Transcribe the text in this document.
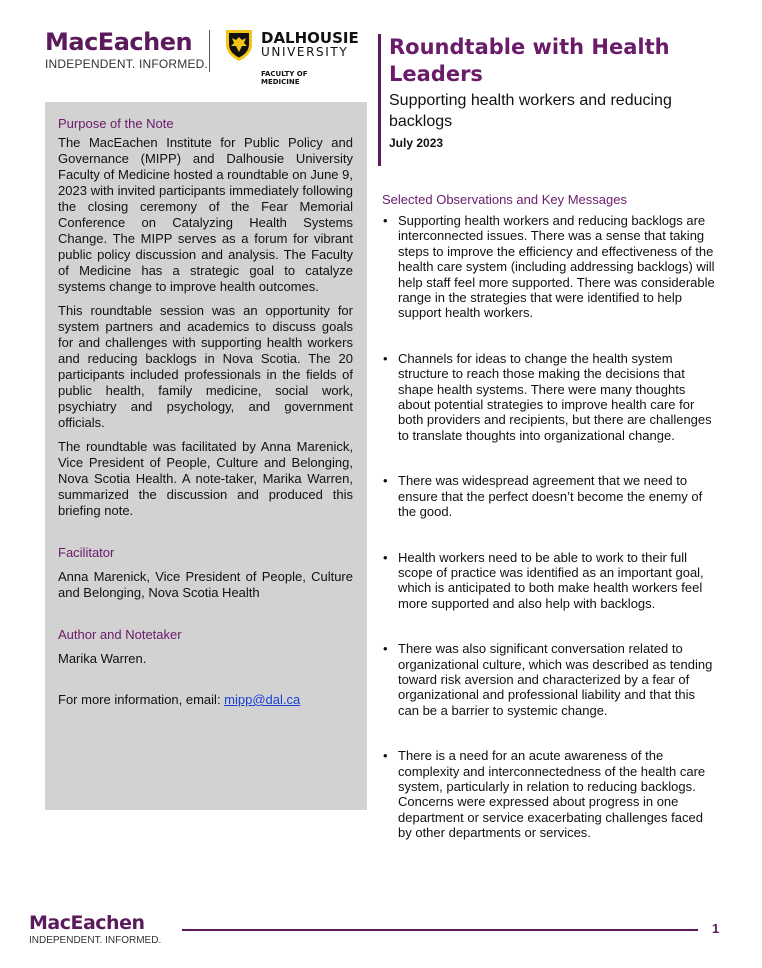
MacEachen
INDEPENDENT. INFORMED.
DALHOUSIE
UNIVERSITY
FACULTY OF MEDICINE
Roundtable with Health Leaders
Supporting health workers and reducing backlogs
July 2023
Purpose of the Note

The MacEachen Institute for Public Policy and Governance (MIPP) and Dalhousie University Faculty of Medicine hosted a roundtable on June 9, 2023 with invited participants immediately following the closing ceremony of the Fear Memorial Conference on Catalyzing Health Systems Change. The MIPP serves as a forum for vibrant public policy discussion and analysis. The Faculty of Medicine has a strategic goal to catalyze systems change to improve health outcomes.

This roundtable session was an opportunity for system partners and academics to discuss goals for and challenges with supporting health workers and reducing backlogs in Nova Scotia. The 20 participants included professionals in the fields of public health, family medicine, social work, psychiatry and psychology, and government officials.

The roundtable was facilitated by Anna Marenick, Vice President of People, Culture and Belonging, Nova Scotia Health. A note-taker, Marika Warren, summarized the discussion and produced this briefing note.

Facilitator

Anna Marenick, Vice President of People, Culture and Belonging, Nova Scotia Health

Author and Notetaker

Marika Warren.

For more information, email: mipp@dal.ca

Selected Observations and Key Messages
• Supporting health workers and reducing backlogs are interconnected issues. There was a sense that taking steps to improve the efficiency and effectiveness of the health care system (including addressing backlogs) will help staff feel more supported. There was considerable range in the strategies that were identified to help support health workers.
• Channels for ideas to change the health system structure to reach those making the decisions that shape health systems. There were many thoughts about potential strategies to improve health care for both providers and recipients, but there are challenges to translate thoughts into organizational change.
• There was widespread agreement that we need to ensure that the perfect doesn’t become the enemy of the good.
• Health workers need to be able to work to their full scope of practice was identified as an important goal, which is anticipated to both make health workers feel more supported and also help with backlogs.
• There was also significant conversation related to organizational culture, which was described as tending toward risk aversion and characterized by a fear of organizational and professional liability and that this can be a barrier to systemic change.
• There is a need for an acute awareness of the complexity and interconnectedness of the health care system, particularly in relation to reducing backlogs. Concerns were expressed about progress in one department or service exacerbating challenges faced by other departments or services.
MacEachen
INDEPENDENT. INFORMED.
1
